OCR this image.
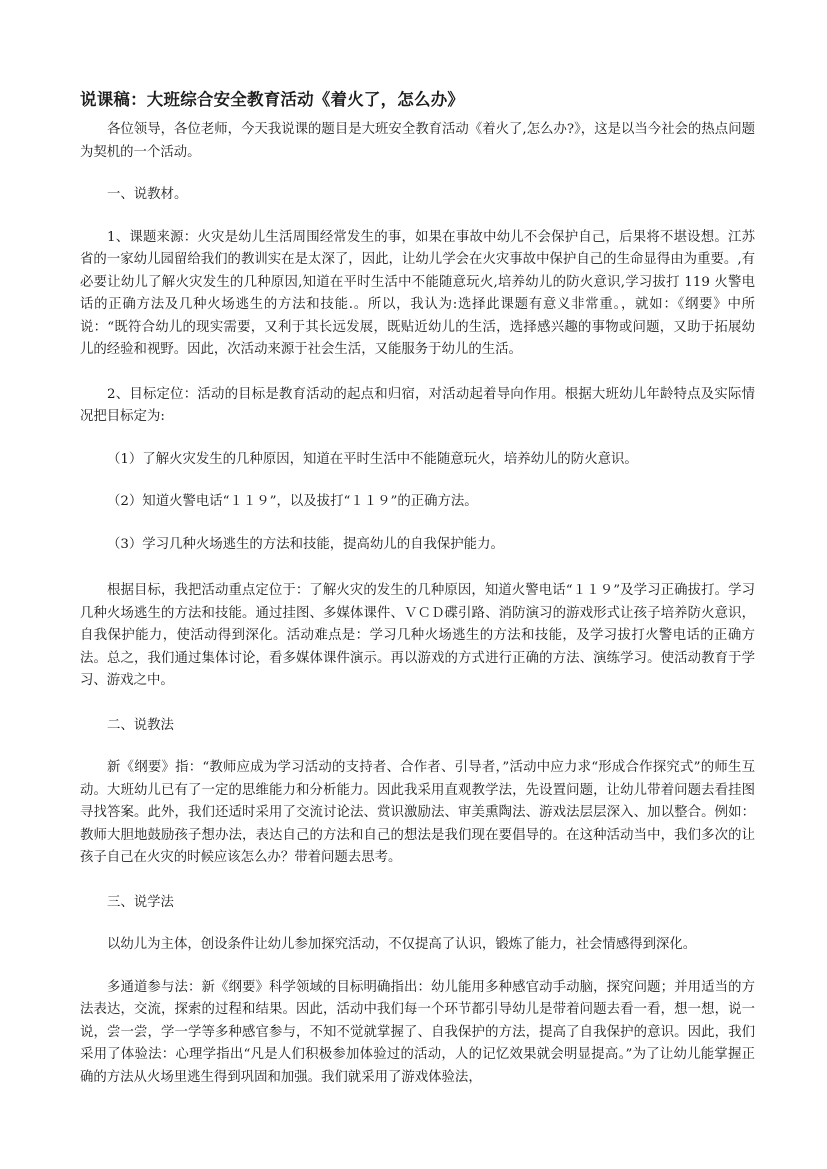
说课稿：大班综合安全教育活动《着火了，怎么办》
各位领导，各位老师，今天我说课的题目是大班安全教育活动《着火了,怎么办?》，这是以当今社会的热点问题为契机的一个活动。
一、说教材。
1、课题来源：火灾是幼儿生活周围经常发生的事，如果在事故中幼儿不会保护自己，后果将不堪设想。江苏省的一家幼儿园留给我们的教训实在是太深了，因此，让幼儿学会在火灾事故中保护自己的生命显得由为重要。,有必要让幼儿了解火灾发生的几种原因,知道在平时生活中不能随意玩火,培养幼儿的防火意识,学习拔打 119 火警电话的正确方法及几种火场逃生的方法和技能.。所以，我认为:选择此课题有意义非常重。，就如：《纲要》中所说：“既符合幼儿的现实需要，又利于其长远发展，既贴近幼儿的生活，选择感兴趣的事物或问题，又助于拓展幼儿的经验和视野。因此，次活动来源于社会生活，又能服务于幼儿的生活。
2、目标定位：活动的目标是教育活动的起点和归宿，对活动起着导向作用。根据大班幼儿年龄特点及实际情况把目标定为:
（1）了解火灾发生的几种原因，知道在平时生活中不能随意玩火，培养幼儿的防火意识。
（2）知道火警电话“１１９”，以及拔打“１１９”的正确方法。
（3）学习几种火场逃生的方法和技能，提高幼儿的自我保护能力。
根据目标，我把活动重点定位于：了解火灾的发生的几种原因，知道火警电话“１１９”及学习正确拔打。学习几种火场逃生的方法和技能。通过挂图、多媒体课件、ＶＣＤ碟引路、消防演习的游戏形式让孩子培养防火意识，自我保护能力，使活动得到深化。活动难点是：学习几种火场逃生的方法和技能，及学习拔打火警电话的正确方法。总之，我们通过集体讨论，看多媒体课件演示。再以游戏的方式进行正确的方法、演练学习。使活动教育于学习、游戏之中。
二、说教法
新《纲要》指：“教师应成为学习活动的支持者、合作者、引导者，”活动中应力求“形成合作探究式”的师生互动。大班幼儿已有了一定的思维能力和分析能力。因此我采用直观教学法，先设置问题，让幼儿带着问题去看挂图寻找答案。此外，我们还适时采用了交流讨论法、赏识激励法、审美熏陶法、游戏法层层深入、加以整合。例如：教师大胆地鼓励孩子想办法，表达自己的方法和自己的想法是我们现在要倡导的。在这种活动当中，我们多次的让孩子自己在火灾的时候应该怎么办？带着问题去思考。
三、说学法
以幼儿为主体，创设条件让幼儿参加探究活动，不仅提高了认识，锻炼了能力，社会情感得到深化。
多通道参与法：新《纲要》科学领域的目标明确指出：幼儿能用多种感官动手动脑，探究问题；并用适当的方法表达，交流，探索的过程和结果。因此，活动中我们每一个环节都引导幼儿是带着问题去看一看，想一想，说一说，尝一尝，学一学等多种感官参与，不知不觉就掌握了、自我保护的方法，提高了自我保护的意识。因此，我们采用了体验法：心理学指出“凡是人们积极参加体验过的活动，人的记忆效果就会明显提高。”为了让幼儿能掌握正确的方法从火场里逃生得到巩固和加强。我们就采用了游戏体验法，
